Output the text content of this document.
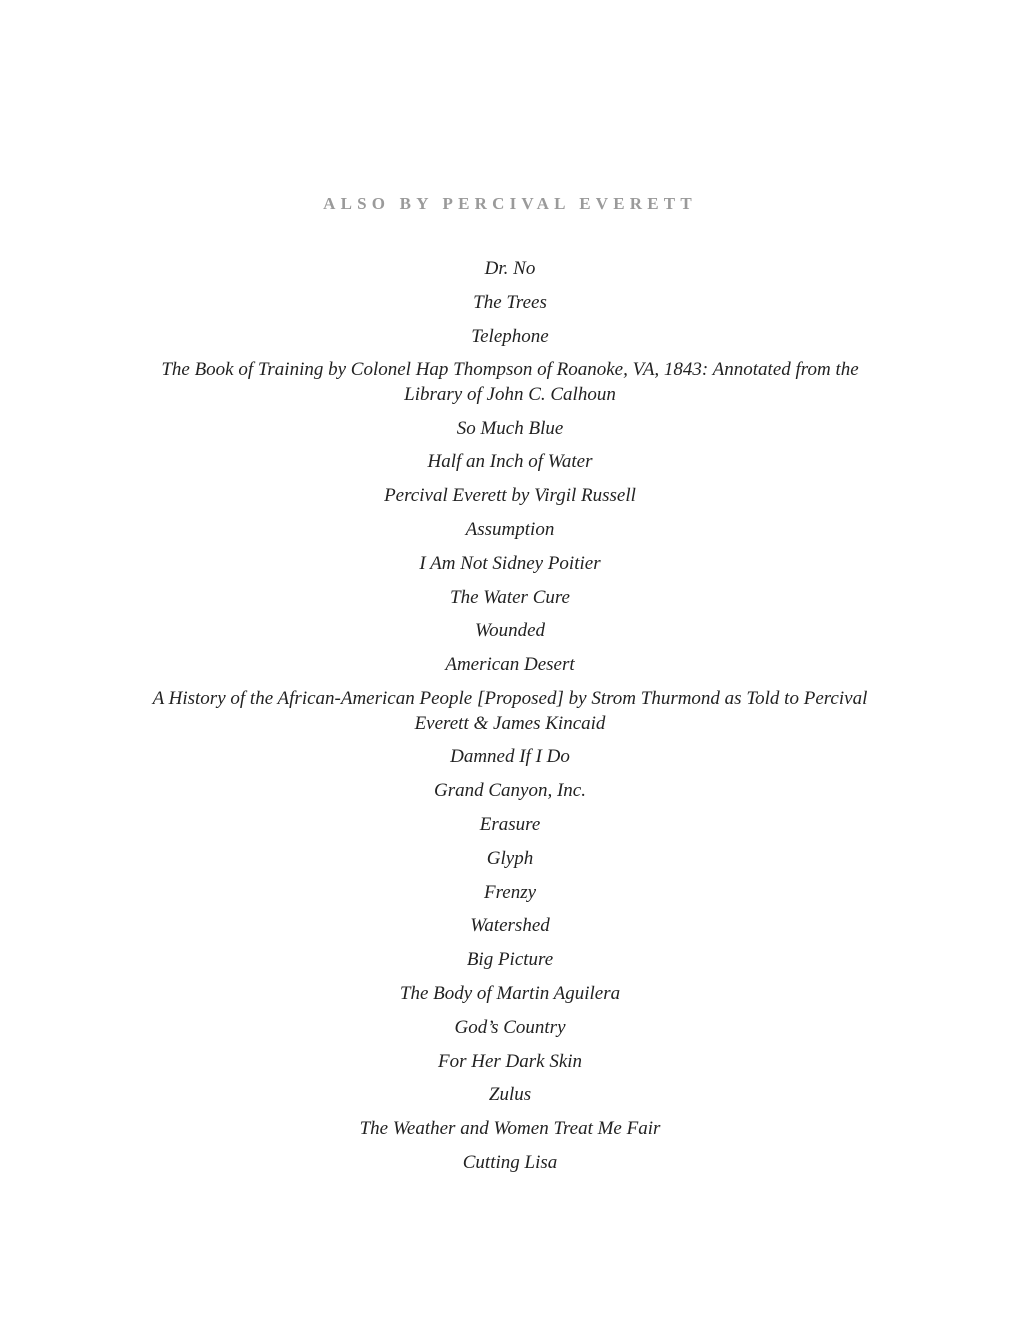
ALSO BY PERCIVAL EVERETT
Dr. No
The Trees
Telephone
The Book of Training by Colonel Hap Thompson of Roanoke, VA, 1843: Annotated from the Library of John C. Calhoun
So Much Blue
Half an Inch of Water
Percival Everett by Virgil Russell
Assumption
I Am Not Sidney Poitier
The Water Cure
Wounded
American Desert
A History of the African-American People [Proposed] by Strom Thurmond as Told to Percival Everett & James Kincaid
Damned If I Do
Grand Canyon, Inc.
Erasure
Glyph
Frenzy
Watershed
Big Picture
The Body of Martin Aguilera
God’s Country
For Her Dark Skin
Zulus
The Weather and Women Treat Me Fair
Cutting Lisa
